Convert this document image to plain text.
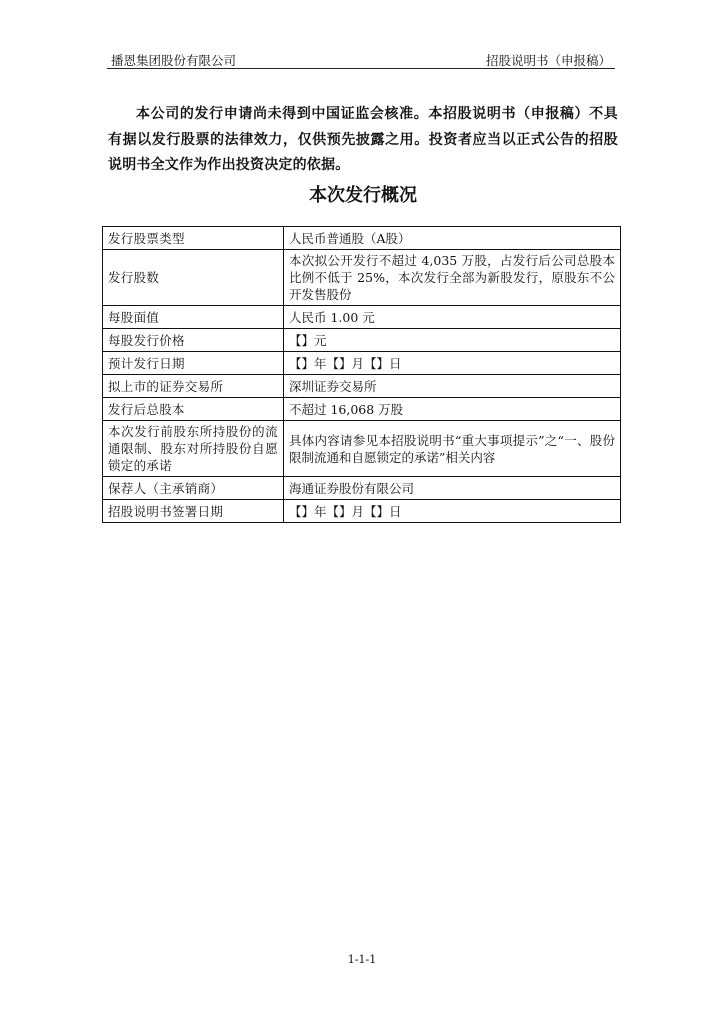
播恩集团股份有限公司	招股说明书（申报稿）

本公司的发行申请尚未得到中国证监会核准。本招股说明书（申报稿）不具有据以发行股票的法律效力，仅供预先披露之用。投资者应当以正式公告的招股说明书全文作为作出投资决定的依据。

本次发行概况
发行股票类型	人民币普通股（A股）
发行股数	本次拟公开发行不超过 4,035 万股，占发行后公司总股本比例不低于 25%，本次发行全部为新股发行，原股东不公开发售股份
每股面值	人民币 1.00 元
每股发行价格	【】元
预计发行日期	【】年【】月【】日
拟上市的证券交易所	深圳证券交易所
发行后总股本	不超过 16,068 万股
本次发行前股东所持股份的流通限制、股东对所持股份自愿锁定的承诺	具体内容请参见本招股说明书“重大事项提示”之“一、股份限制流通和自愿锁定的承诺”相关内容
保荐人（主承销商）	海通证券股份有限公司
招股说明书签署日期	【】年【】月【】日
1-1-1
